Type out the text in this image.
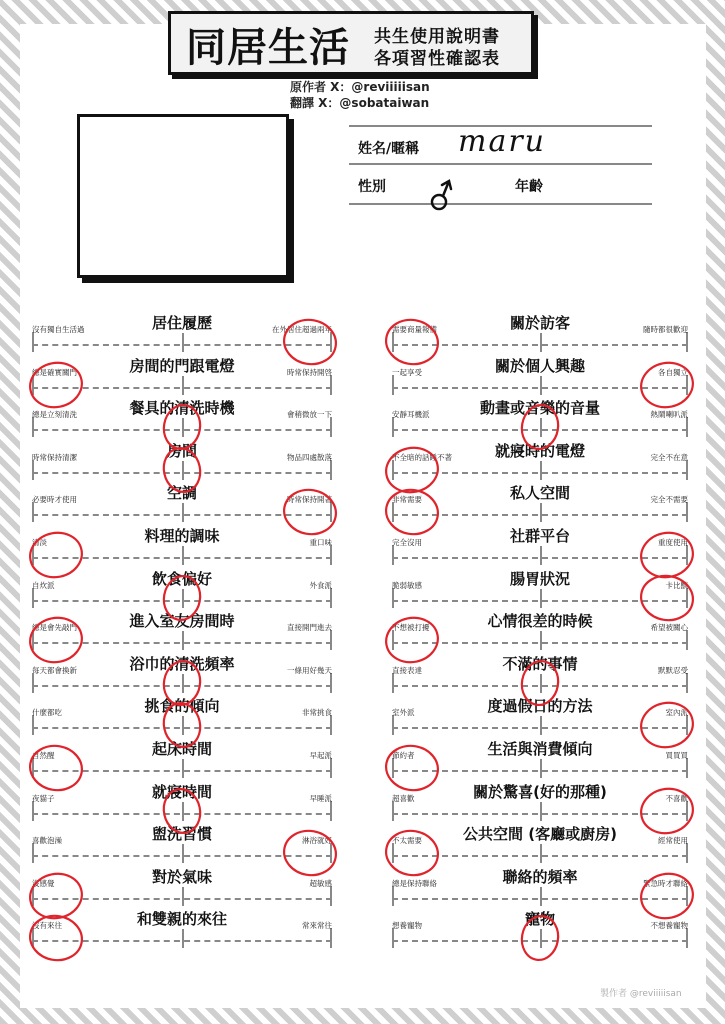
同居生活 共生使用說明書
各項習性確認表
原作者 X：@reviiiiisan
翻譯 X：@sobataiwan
姓名/暱稱 maru
性別	年齡
沒有獨自生活過	居住履歷	在外居住超過兩年
總是確實關門	房間的門跟電燈	時常保持開啓
總是立刻清洗	餐具的清洗時機	會稍微放一下
時常保持清潔	房間	物品四處散落
必要時才使用	空調	時常保持開著
清淡	料理的調味	重口味
自炊派	飲食偏好	外食派
總是會先敲門	進入室友房間時	直接開門進去
每天都會換新	浴巾的清洗頻率	一條用好幾天
什麼都吃	挑食的傾向	非常挑食
自然醒	起床時間	早起派
夜貓子	就寢時間	早睡派
喜歡泡澡	盥洗習慣	淋浴就好
沒感覺	對於氣味	超敏感
沒有來往	和雙親的來往	常來常往
需要商量報備	關於訪客	隨時都很歡迎
一起享受	關於個人興趣	各自獨立
安靜耳機派	動畫或音樂的音量	熱鬧喇叭派
不全暗的話睡不著	就寢時的電燈	完全不在意
非常需要	私人空間	完全不需要
完全沒用	社群平台	重度使用
脆弱敏感	腸胃狀況	卡比獸
不想被打擾	心情很差的時候	希望被關心
直接表達	不滿的事情	默默忍受
室外派	度過假日的方法	室內派
節約者	生活與消費傾向	買買買
超喜歡	關於驚喜(好的那種)	不喜歡
不太需要	公共空間 (客廳或廚房)	經常使用
總是保持聯絡	聯絡的頻率	緊急時才聯絡
想養寵物	寵物	不想養寵物
製作者 @reviiiiisan
